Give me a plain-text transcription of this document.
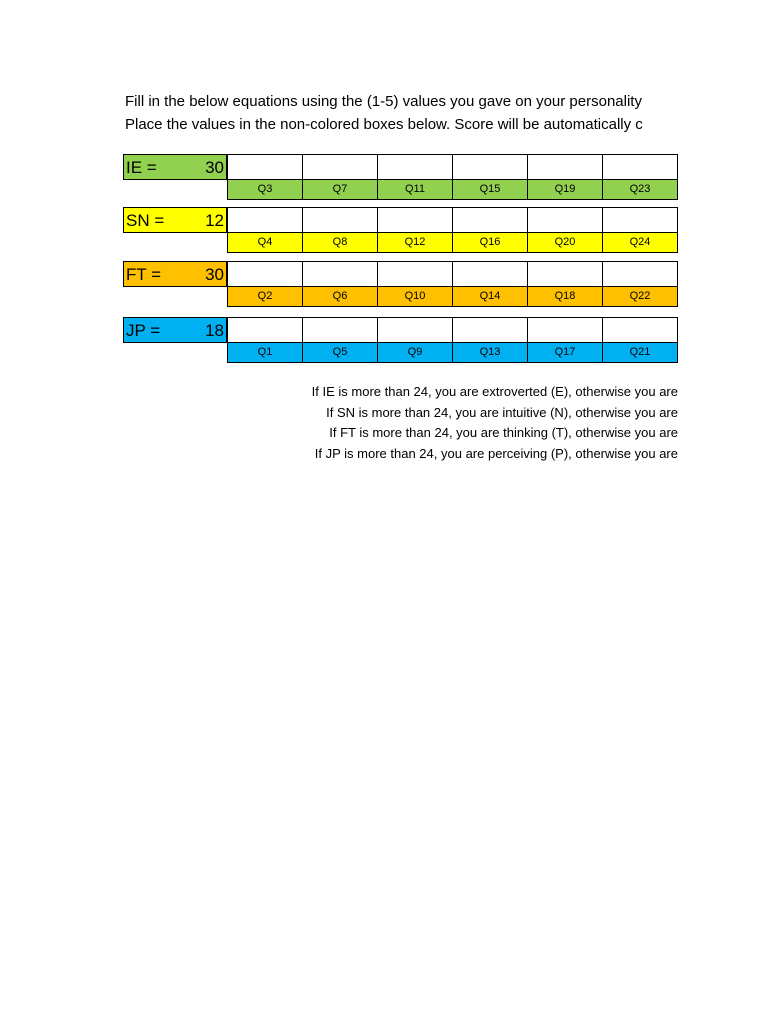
Fill in the below equations using the (1-5) values you gave on your personality
Place the values in the non-colored boxes below. Score will be automatically c
IE =	30
Q3	Q7	Q11	Q15	Q19	Q23
SN = 12
Q4	Q8	Q12	Q16	Q20	Q24
FT =	30
Q2	Q6	Q10	Q14	Q18	Q22
JP =	18
Q1	Q5	Q9	Q13	Q17	Q21
If IE is more than 24, you are extroverted (E), otherwise you are
If SN is more than 24, you are intuitive (N), otherwise you are
If FT is more than 24, you are thinking (T), otherwise you are
If JP is more than 24, you are perceiving (P), otherwise you are
